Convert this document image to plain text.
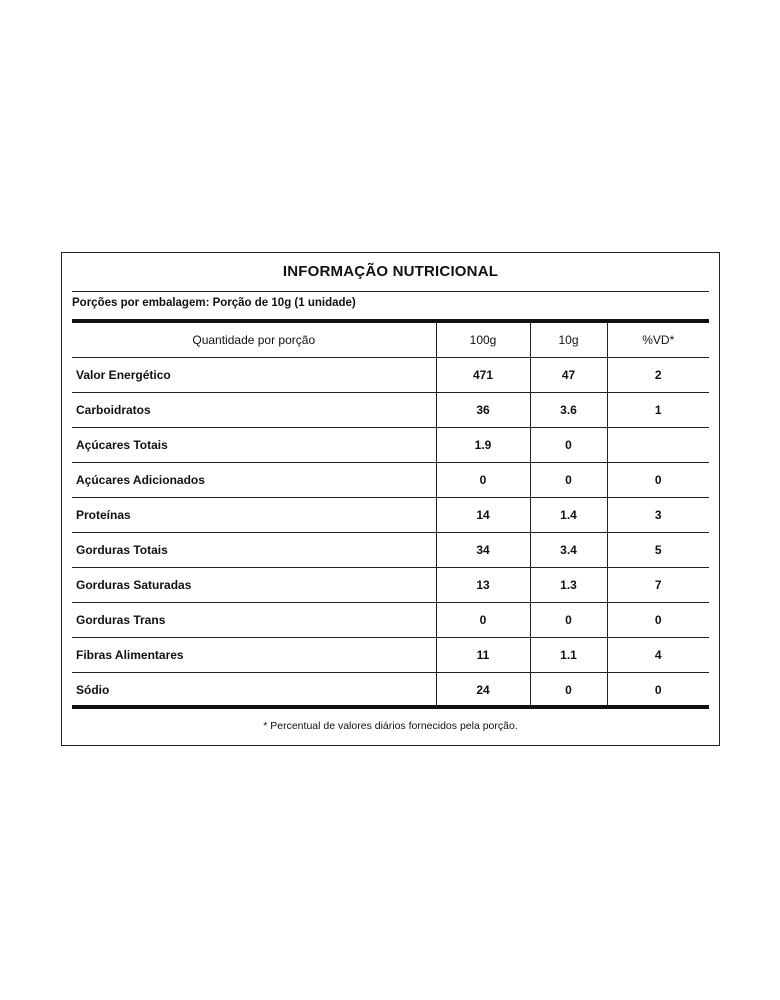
INFORMAÇÃO NUTRICIONAL
Porções por embalagem: Porção de 10g (1 unidade)
Quantidade por porção	100g	10g	%VD*
Valor Energético	471	47	2
Carboidratos	36	3.6	1
Açúcares Totais	1.9	0	
Açúcares Adicionados	0	0	0
Proteínas	14	1.4	3
Gorduras Totais	34	3.4	5
Gorduras Saturadas	13	1.3	7
Gorduras Trans	0	0	0
Fibras Alimentares	11	1.1	4
Sódio	24	0	0
* Percentual de valores diários fornecidos pela porção.
